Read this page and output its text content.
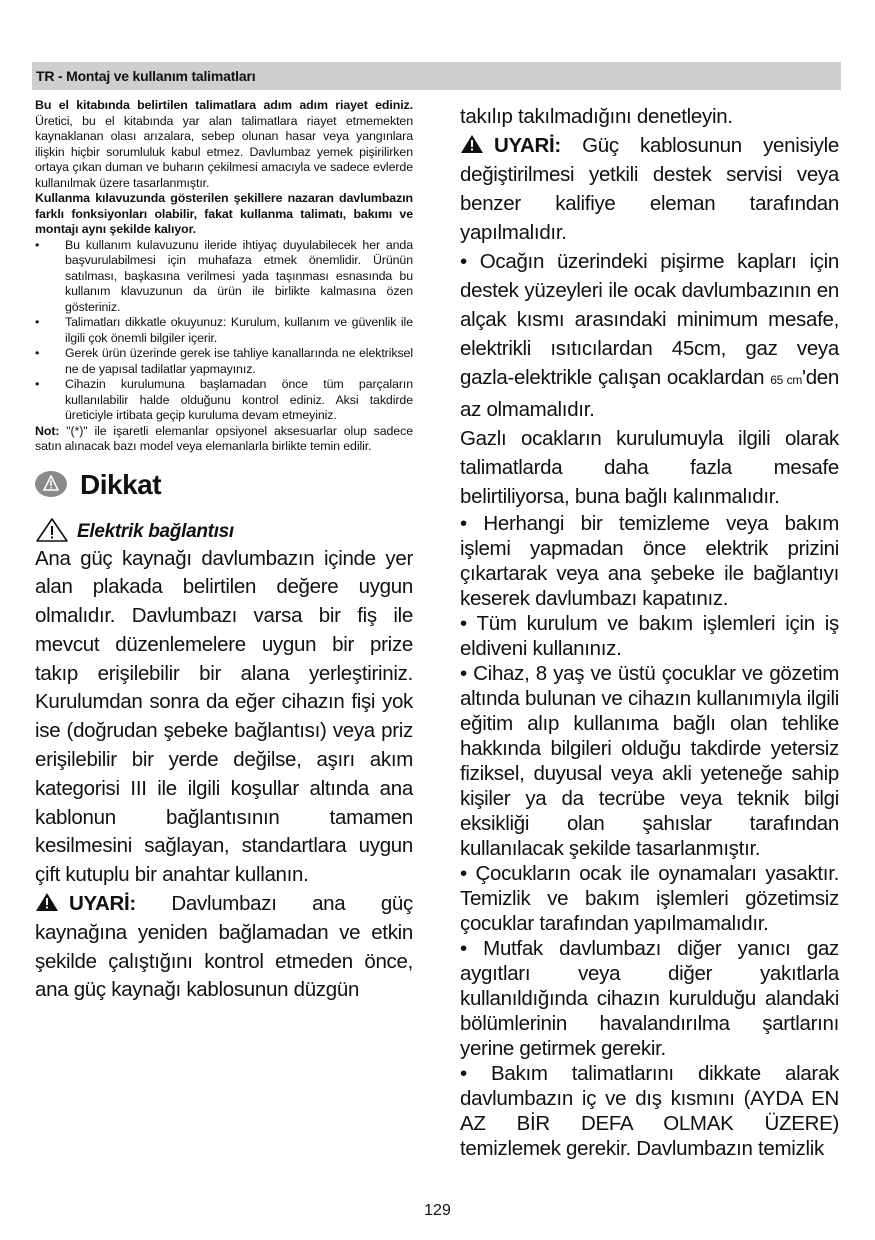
TR - Montaj ve kullanım talimatları

Bu el kitabında belirtilen talimatlara adım adım riayet ediniz. Üretici, bu el kitabında yar alan talimatlara riayet etmemekten kaynaklanan olası arızalara, sebep olunan hasar veya yangınlara ilişkin hiçbir sorumluluk kabul etmez. Davlumbaz yemek pişirilirken ortaya çıkan duman ve buharın çekilmesi amacıyla ve sadece evlerde kullanılmak üzere tasarlanmıştır.

Kullanma kılavuzunda gösterilen şekillere nazaran davlumbazın farklı fonksiyonları olabilir, fakat kullanma talimatı, bakımı ve montajı aynı şekilde kalıyor.

• Bu kullanım kulavuzunu ileride ihtiyaç duyulabilecek her anda başvurulabilmesi için muhafaza etmek önemlidir. Ürünün satılması, başkasına verilmesi yada taşınması esnasında bu kullanım klavuzunun da ürün ile birlikte kalmasına özen gösteriniz.
• Talimatları dikkatle okuyunuz: Kurulum, kullanım ve güvenlik ile ilgili çok önemli bilgiler içerir.
• Gerek ürün üzerinde gerek ise tahliye kanallarında ne elektriksel ne de yapısal tadilatlar yapmayınız.
• Cihazin kurulumuna başlamadan önce tüm parçaların kullanılabilir halde olduğunu kontrol ediniz. Aksi takdirde üreticiyle irtibata geçip kuruluma devam etmeyiniz.

Not: "(*)" ile işaretli elemanlar opsiyonel aksesuarlar olup sadece satın alınacak bazı model veya elemanlarla birlikte temin edilir.

Dikkat
Elektrik bağlantısı

Ana güç kaynağı davlumbazın içinde yer alan plakada belirtilen değere uygun olmalıdır. Davlumbazı varsa bir fiş ile mevcut düzenlemelere uygun bir prize takıp erişilebilir bir alana yerleştiriniz. Kurulumdan sonra da eğer cihazın fişi yok ise (doğrudan şebeke bağlantısı) veya priz erişilebilir bir yerde değilse, aşırı akım kategorisi III ile ilgili koşullar altında ana kablonun bağlantısının tamamen kesilmesini sağlayan, standartlara uygun çift kutuplu bir anahtar kullanın.

UYARİ: Davlumbazı ana güç kaynağına yeniden bağlamadan ve etkin şekilde çalıştığını kontrol etmeden önce, ana güç kaynağı kablosunun düzgün

takılıp takılmadığını denetleyin.

UYARİ: Güç kablosunun yenisiyle değiştirilmesi yetkili destek servisi veya benzer kalifiye eleman tarafından yapılmalıdır.

• Ocağın üzerindeki pişirme kapları için destek yüzeyleri ile ocak davlumbazının en alçak kısmı arasındaki minimum mesafe, elektrikli ısıtıcılardan 45cm, gaz veya gazla-elektrikle çalışan ocaklardan 65 cm'den az olmamalıdır.

Gazlı ocakların kurulumuyla ilgili olarak talimatlarda daha fazla mesafe belirtiliyorsa, buna bağlı kalınmalıdır.

• Herhangi bir temizleme veya bakım işlemi yapmadan önce elektrik prizini çıkartarak veya ana şebeke ile bağlantıyı keserek davlumbazı kapatınız.

• Tüm kurulum ve bakım işlemleri için iş eldiveni kullanınız.

• Cihaz, 8 yaş ve üstü çocuklar ve gözetim altında bulunan ve cihazın kullanımıyla ilgili eğitim alıp kullanıma bağlı olan tehlike hakkında bilgileri olduğu takdirde yetersiz fiziksel, duyusal veya akli yeteneğe sahip kişiler ya da tecrübe veya teknik bilgi eksikliği olan şahıslar tarafından kullanılacak şekilde tasarlanmıştır.

• Çocukların ocak ile oynamaları yasaktır. Temizlik ve bakım işlemleri gözetimsiz çocuklar tarafından yapılmamalıdır.

• Mutfak davlumbazı diğer yanıcı gaz aygıtları veya diğer yakıtlarla kullanıldığında cihazın kurulduğu alandaki bölümlerinin havalandırılma şartlarını yerine getirmek gerekir.

• Bakım talimatlarını dikkate alarak davlumbazın iç ve dış kısmını (AYDA EN AZ BİR DEFA OLMAK ÜZERE) temizlemek gerekir. Davlumbazın temizlik

129
